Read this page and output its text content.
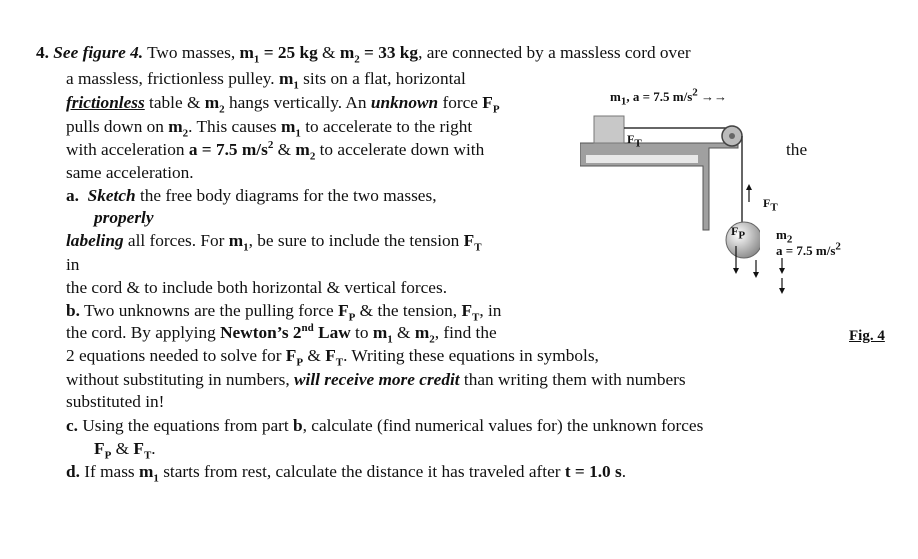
4. See figure 4. Two masses, $m_1 = 25$ kg & $m_2 = 33$ kg, are connected by a massless cord over
a massless, frictionless pulley. $m_1$ sits on a flat, horizontal
frictionless table & $m_2$ hangs vertically. An unknown force $F_P$
pulls down on $m_2$. This causes $m_1$ to accelerate to the right
with acceleration a = 7.5 $m/s^2$ & $m_2$ to accelerate down with
same acceleration.
a. Sketch the free body diagrams for the two masses,
properly
labeling all forces. For $m_1$, be sure to include the tension $F_T$
in
the cord & to include both horizontal & vertical forces.
b. Two unknowns are the pulling force $F_P$ & the tension, $F_T$, in
the cord. By applying Newton’s 2nd Law to $m_1$ & $m_2$, find the
2 equations needed to solve for $F_P$ & $F_T$. Writing these equations in symbols,
without substituting in numbers, will receive more credit than writing them with numbers
substituted in!
c. Using the equations from part b, calculate (find numerical values for) the unknown forces
$F_P$ & $F_T$.
d. If mass $m_1$ starts from rest, calculate the distance it has traveled after t = 1.0 s.
$m_1$, a = 7.5 $m/s^2$ →→
$F_T$	the
$F_T$
$F_P$ $m_2$
a = 7.5 $m/s^2$
Fig. 4
